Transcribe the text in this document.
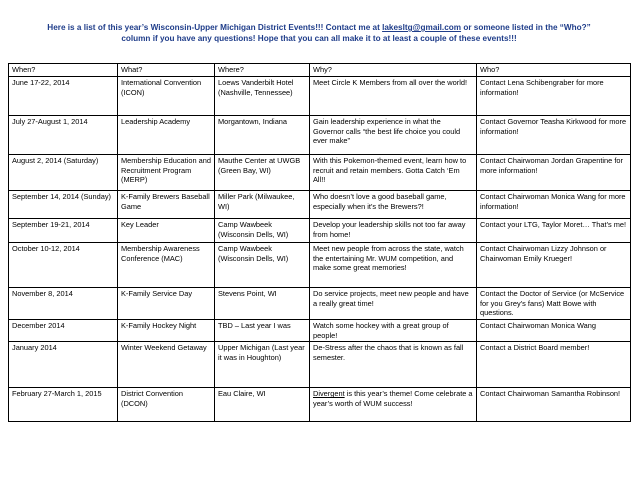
Here is a list of this year’s Wisconsin-Upper Michigan District Events!!! Contact me at lakesltg@gmail.com or someone listed in the “Who?”
column if you have any questions! Hope that you can all make it to at least a couple of these events!!!
When?	What?	Where?	Why?	Who?
June 17-22, 2014	International Convention (ICON)	Loews Vanderbilt Hotel (Nashville, Tennessee)	Meet Circle K Members from all over the world!	Contact Lena Schibengraber for more information!
July 27-August 1, 2014	Leadership Academy	Morgantown, Indiana	Gain leadership experience in what the Governor calls “the best life choice you could ever make”	Contact Governor Teasha Kirkwood for more information!
August 2, 2014 (Saturday)	Membership Education and Recruitment Program (MERP)	Mauthe Center at UWGB (Green Bay, WI)	With this Pokemon-themed event, learn how to recruit and retain members. Gotta Catch ‘Em All!!	Contact Chairwoman Jordan Grapentine for more information!
September 14, 2014 (Sunday)	K-Family Brewers Baseball Game	Miller Park (Milwaukee, WI)	Who doesn’t love a good baseball game, especially when it’s the Brewers?!	Contact Chairwoman Monica Wang for more information!
September 19-21, 2014	Key Leader	Camp Wawbeek (Wisconsin Dells, WI)	Develop your leadership skills not too far away from home!	Contact your LTG, Taylor Moret… That’s me!
October 10-12, 2014	Membership Awareness Conference (MAC)	Camp Wawbeek (Wisconsin Dells, WI)	Meet new people from across the state, watch the entertaining Mr. WUM competition, and make some great memories!	Contact Chairwoman Lizzy Johnson or Chairwoman Emily Krueger!
November 8, 2014	K-Family Service Day	Stevens Point, WI	Do service projects, meet new people and have a really great time!	Contact the Doctor of Service (or McService for you Grey’s fans) Matt Bowe with questions.
December 2014	K-Family Hockey Night	TBD – Last year I was	Watch some hockey with a great group of people!	Contact Chairwoman Monica Wang
January 2014	Winter Weekend Getaway	Upper Michigan (Last year it was in Houghton)	De-Stress after the chaos that is known as fall semester.	Contact a District Board member!
February 27-March 1, 2015	District Convention (DCON)	Eau Claire, WI	Divergent is this year’s theme! Come celebrate a year’s worth of WUM success!	Contact Chairwoman Samantha Robinson!
